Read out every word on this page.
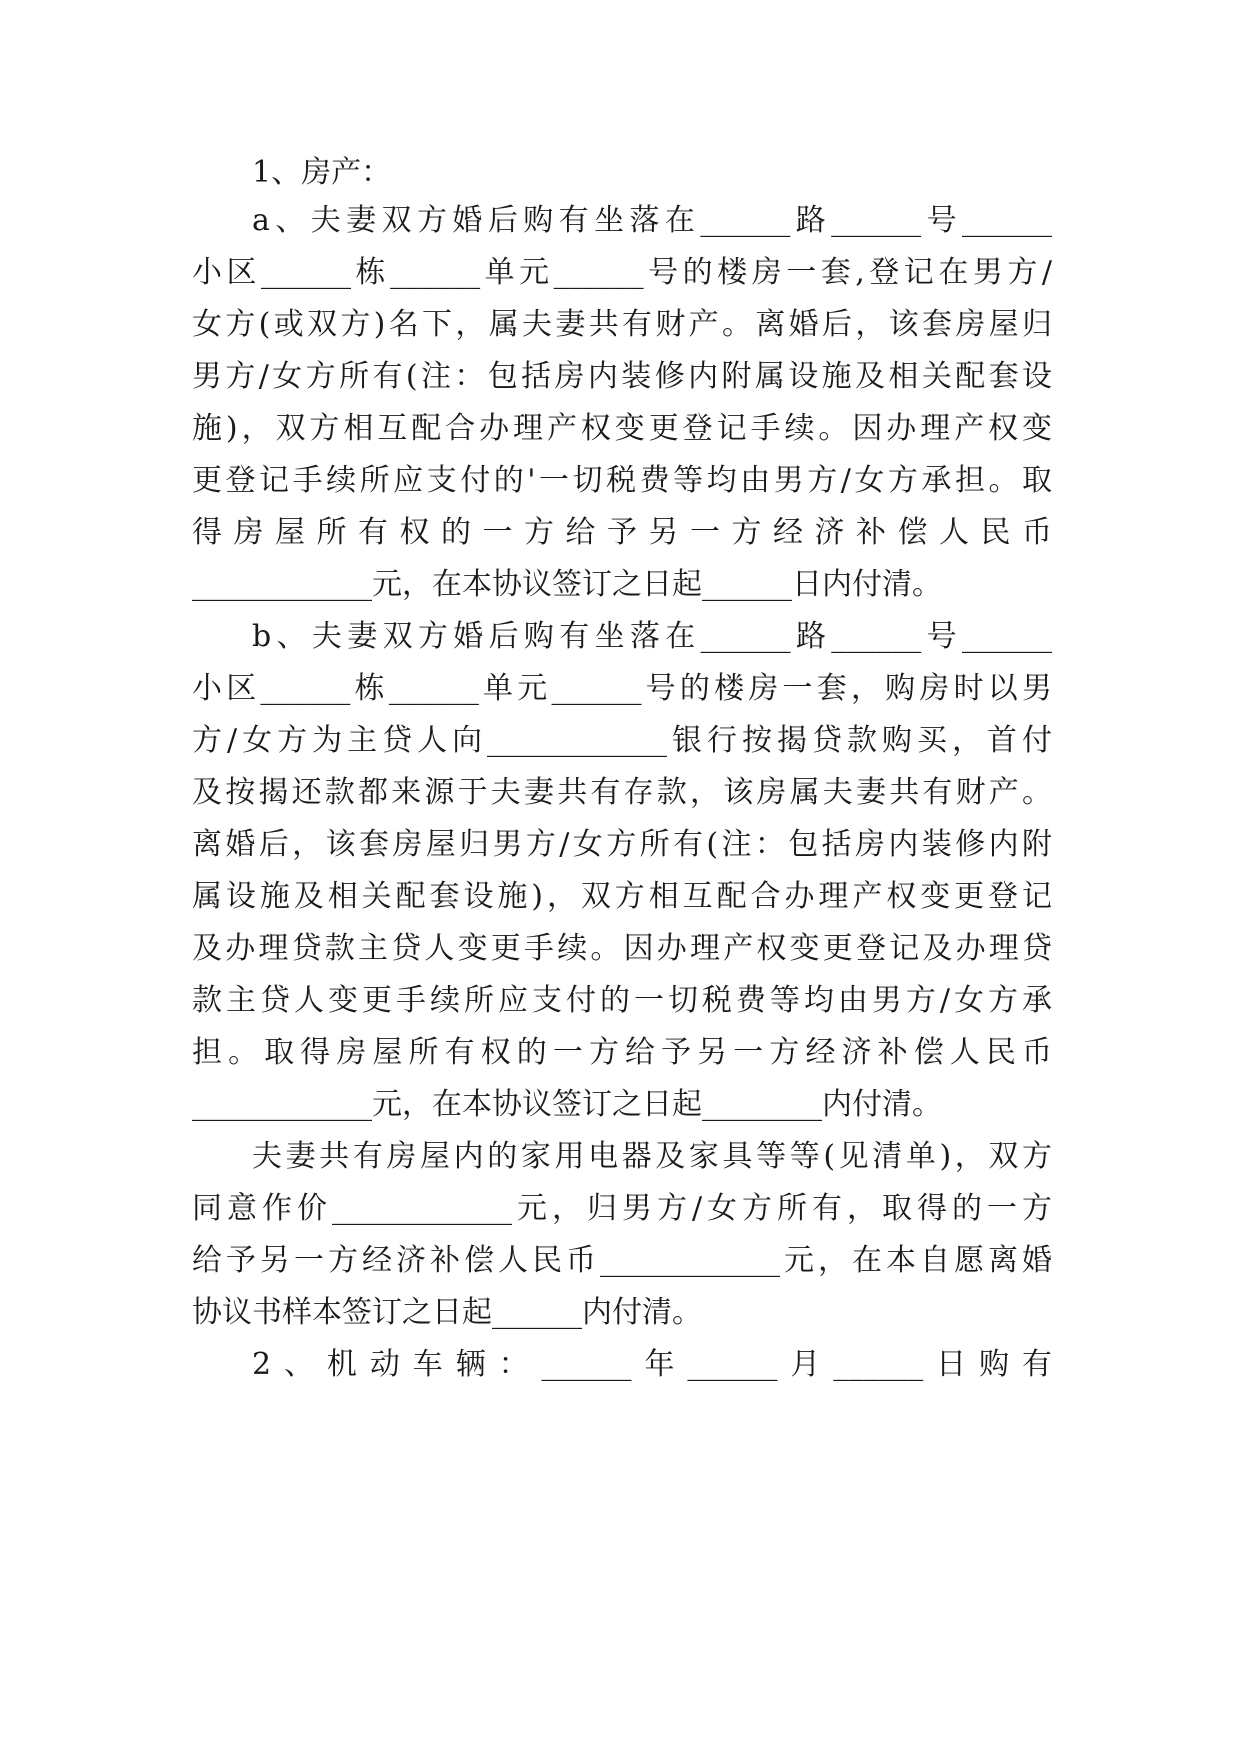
1、房产：
a、夫妻双方婚后购有坐落在______路______号______
小区______栋______单元______号的楼房一套,登记在男方/
女方(或双方)名下，属夫妻共有财产。离婚后，该套房屋归
男方/女方所有(注：包括房内装修内附属设施及相关配套设
施)，双方相互配合办理产权变更登记手续。因办理产权变
更登记手续所应支付的'一切税费等均由男方/女方承担。取
得房屋所有权的一方给予另一方经济补偿人民币
____________元，在本协议签订之日起______日内付清。
b、夫妻双方婚后购有坐落在______路______号______
小区______栋______单元______号的楼房一套，购房时以男
方/女方为主贷人向____________银行按揭贷款购买，首付
及按揭还款都来源于夫妻共有存款，该房属夫妻共有财产。
离婚后，该套房屋归男方/女方所有(注：包括房内装修内附
属设施及相关配套设施)，双方相互配合办理产权变更登记
及办理贷款主贷人变更手续。因办理产权变更登记及办理贷
款主贷人变更手续所应支付的一切税费等均由男方/女方承
担。取得房屋所有权的一方给予另一方经济补偿人民币
____________元，在本协议签订之日起________内付清。
夫妻共有房屋内的家用电器及家具等等(见清单)，双方
同意作价____________元，归男方/女方所有，取得的一方
给予另一方经济补偿人民币____________元，在本自愿离婚
协议书样本签订之日起______内付清。
2、机动车辆：______年______月______日购有
